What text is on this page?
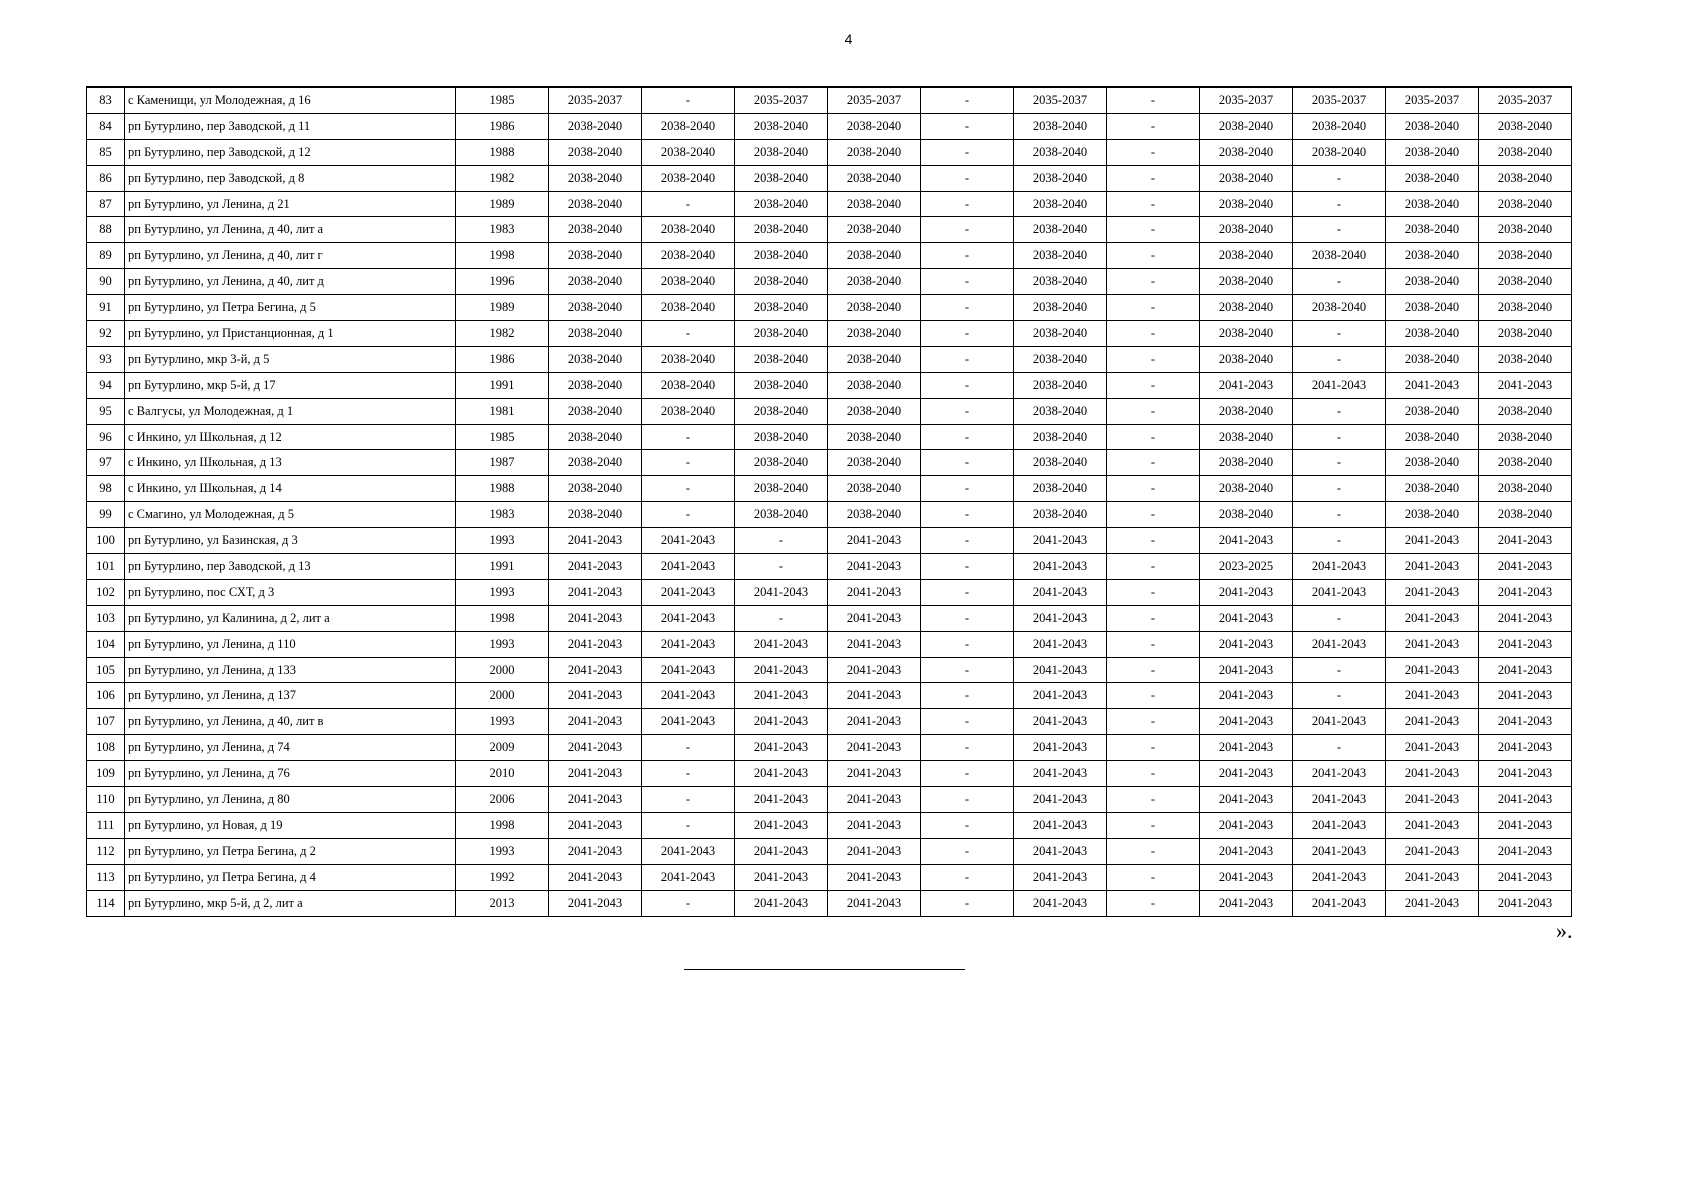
4
83	с Каменищи, ул Молодежная, д 16	1985	2035-2037	-	2035-2037	2035-2037	-	2035-2037	-	2035-2037	2035-2037	2035-2037	2035-2037
84	рп Бутурлино, пер Заводской, д 11	1986	2038-2040	2038-2040	2038-2040	2038-2040	-	2038-2040	-	2038-2040	2038-2040	2038-2040	2038-2040
85	рп Бутурлино, пер Заводской, д 12	1988	2038-2040	2038-2040	2038-2040	2038-2040	-	2038-2040	-	2038-2040	2038-2040	2038-2040	2038-2040
86	рп Бутурлино, пер Заводской, д 8	1982	2038-2040	2038-2040	2038-2040	2038-2040	-	2038-2040	-	2038-2040	-	2038-2040	2038-2040
87	рп Бутурлино, ул Ленина, д 21	1989	2038-2040	-	2038-2040	2038-2040	-	2038-2040	-	2038-2040	-	2038-2040	2038-2040
88	рп Бутурлино, ул Ленина, д 40, лит а	1983	2038-2040	2038-2040	2038-2040	2038-2040	-	2038-2040	-	2038-2040	-	2038-2040	2038-2040
89	рп Бутурлино, ул Ленина, д 40, лит г	1998	2038-2040	2038-2040	2038-2040	2038-2040	-	2038-2040	-	2038-2040	2038-2040	2038-2040	2038-2040
90	рп Бутурлино, ул Ленина, д 40, лит д	1996	2038-2040	2038-2040	2038-2040	2038-2040	-	2038-2040	-	2038-2040	-	2038-2040	2038-2040
91	рп Бутурлино, ул Петра Бегина, д 5	1989	2038-2040	2038-2040	2038-2040	2038-2040	-	2038-2040	-	2038-2040	2038-2040	2038-2040	2038-2040
92	рп Бутурлино, ул Пристанционная, д 1	1982	2038-2040	-	2038-2040	2038-2040	-	2038-2040	-	2038-2040	-	2038-2040	2038-2040
93	рп Бутурлино, мкр 3-й, д 5	1986	2038-2040	2038-2040	2038-2040	2038-2040	-	2038-2040	-	2038-2040	-	2038-2040	2038-2040
94	рп Бутурлино, мкр 5-й, д 17	1991	2038-2040	2038-2040	2038-2040	2038-2040	-	2038-2040	-	2041-2043	2041-2043	2041-2043	2041-2043
95	с Валгусы, ул Молодежная, д 1	1981	2038-2040	2038-2040	2038-2040	2038-2040	-	2038-2040	-	2038-2040	-	2038-2040	2038-2040
96	с Инкино, ул Школьная, д 12	1985	2038-2040	-	2038-2040	2038-2040	-	2038-2040	-	2038-2040	-	2038-2040	2038-2040
97	с Инкино, ул Школьная, д 13	1987	2038-2040	-	2038-2040	2038-2040	-	2038-2040	-	2038-2040	-	2038-2040	2038-2040
98	с Инкино, ул Школьная, д 14	1988	2038-2040	-	2038-2040	2038-2040	-	2038-2040	-	2038-2040	-	2038-2040	2038-2040
99	с Смагино, ул Молодежная, д 5	1983	2038-2040	-	2038-2040	2038-2040	-	2038-2040	-	2038-2040	-	2038-2040	2038-2040
100	рп Бутурлино, ул Базинская, д 3	1993	2041-2043	2041-2043	-	2041-2043	-	2041-2043	-	2041-2043	-	2041-2043	2041-2043
101	рп Бутурлино, пер Заводской, д 13	1991	2041-2043	2041-2043	-	2041-2043	-	2041-2043	-	2023-2025	2041-2043	2041-2043	2041-2043
102	рп Бутурлино, пос СХТ, д 3	1993	2041-2043	2041-2043	2041-2043	2041-2043	-	2041-2043	-	2041-2043	2041-2043	2041-2043	2041-2043
103	рп Бутурлино, ул Калинина, д 2, лит а	1998	2041-2043	2041-2043	-	2041-2043	-	2041-2043	-	2041-2043	-	2041-2043	2041-2043
104	рп Бутурлино, ул Ленина, д 110	1993	2041-2043	2041-2043	2041-2043	2041-2043	-	2041-2043	-	2041-2043	2041-2043	2041-2043	2041-2043
105	рп Бутурлино, ул Ленина, д 133	2000	2041-2043	2041-2043	2041-2043	2041-2043	-	2041-2043	-	2041-2043	-	2041-2043	2041-2043
106	рп Бутурлино, ул Ленина, д 137	2000	2041-2043	2041-2043	2041-2043	2041-2043	-	2041-2043	-	2041-2043	-	2041-2043	2041-2043
107	рп Бутурлино, ул Ленина, д 40, лит в	1993	2041-2043	2041-2043	2041-2043	2041-2043	-	2041-2043	-	2041-2043	2041-2043	2041-2043	2041-2043
108	рп Бутурлино, ул Ленина, д 74	2009	2041-2043	-	2041-2043	2041-2043	-	2041-2043	-	2041-2043	-	2041-2043	2041-2043
109	рп Бутурлино, ул Ленина, д 76	2010	2041-2043	-	2041-2043	2041-2043	-	2041-2043	-	2041-2043	2041-2043	2041-2043	2041-2043
110	рп Бутурлино, ул Ленина, д 80	2006	2041-2043	-	2041-2043	2041-2043	-	2041-2043	-	2041-2043	2041-2043	2041-2043	2041-2043
111	рп Бутурлино, ул Новая, д 19	1998	2041-2043	-	2041-2043	2041-2043	-	2041-2043	-	2041-2043	2041-2043	2041-2043	2041-2043
112	рп Бутурлино, ул Петра Бегина, д 2	1993	2041-2043	2041-2043	2041-2043	2041-2043	-	2041-2043	-	2041-2043	2041-2043	2041-2043	2041-2043
113	рп Бутурлино, ул Петра Бегина, д 4	1992	2041-2043	2041-2043	2041-2043	2041-2043	-	2041-2043	-	2041-2043	2041-2043	2041-2043	2041-2043
114	рп Бутурлино, мкр 5-й, д 2, лит а	2013	2041-2043	-	2041-2043	2041-2043	-	2041-2043	-	2041-2043	2041-2043	2041-2043	2041-2043
».
